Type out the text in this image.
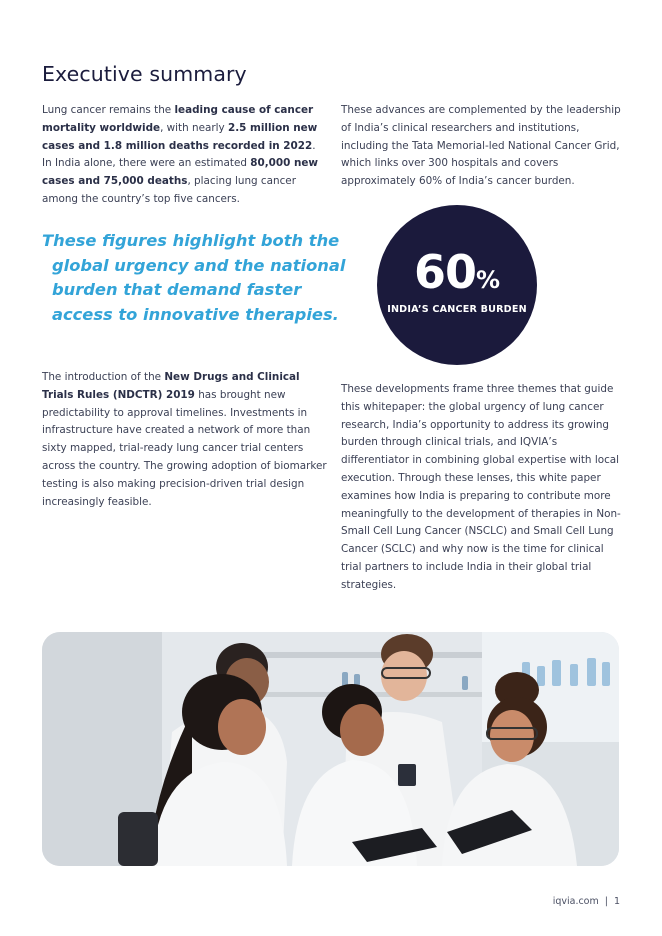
Executive summary
Lung cancer remains the leading cause of cancer mortality worldwide, with nearly 2.5 million new cases and 1.8 million deaths recorded in 2022. In India alone, there were an estimated 80,000 new cases and 75,000 deaths, placing lung cancer among the country’s top five cancers.
These advances are complemented by the leadership of India’s clinical researchers and institutions, including the Tata Memorial-led National Cancer Grid, which links over 300 hospitals and covers approximately 60% of India’s cancer burden.
These figures highlight both the
global urgency and the national
burden that demand faster
access to innovative therapies.
60%
INDIA’S CANCER BURDEN
The introduction of the New Drugs and Clinical Trials Rules (NDCTR) 2019 has brought new predictability to approval timelines. Investments in infrastructure have created a network of more than sixty mapped, trial-ready lung cancer trial centers across the country. The growing adoption of biomarker testing is also making precision-driven trial design increasingly feasible.
These developments frame three themes that guide this whitepaper: the global urgency of lung cancer research, India’s opportunity to address its growing burden through clinical trials, and IQVIA’s differentiator in combining global expertise with local execution. Through these lenses, this white paper examines how India is preparing to contribute more meaningfully to the development of therapies in Non-Small Cell Lung Cancer (NSCLC) and Small Cell Lung Cancer (SCLC) and why now is the time for clinical trial partners to include India in their global trial strategies.
iqvia.com | 1
